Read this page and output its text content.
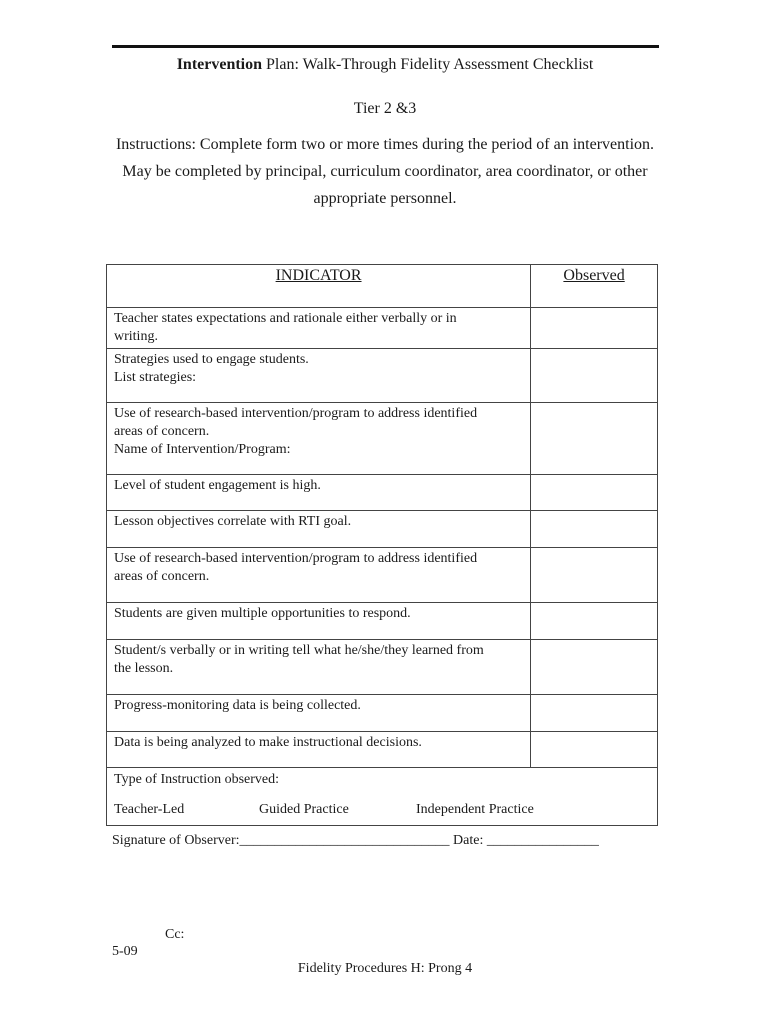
Intervention Plan: Walk-Through Fidelity Assessment Checklist
Tier 2 &3
Instructions: Complete form two or more times during the period of an intervention. May be completed by principal, curriculum coordinator, area coordinator, or other appropriate personnel.
INDICATOR	Observed

Teacher states expectations and rationale either verbally or in
writing.	

Strategies used to engage students.
List strategies:	

Use of research-based intervention/program to address identified
areas of concern.
Name of Intervention/Program:	

Level of student engagement is high.	

Lesson objectives correlate with RTI goal.	

Use of research-based intervention/program to address identified
areas of concern.	

Students are given multiple opportunities to respond.	

Student/s verbally or in writing tell what he/she/they learned from
the lesson.	

Progress-monitoring data is being collected.	

Data is being analyzed to make instructional decisions.	

Type of Instruction observed:
Teacher-Led Guided Practice Independent Practice	
Signature of Observer:______________________________ Date: ________________
Cc:
5-09
Fidelity Procedures H: Prong 4
